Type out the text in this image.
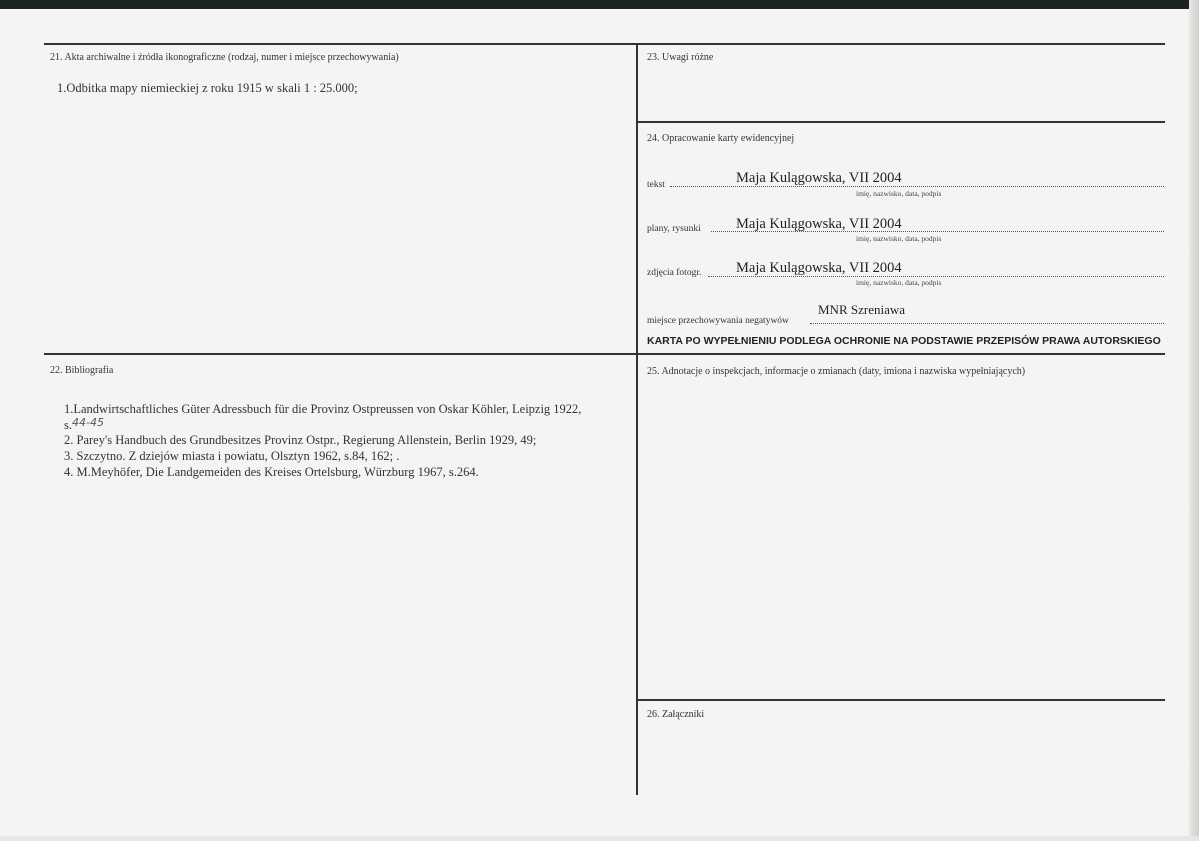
21. Akta archiwalne i źródła ikonograficzne (rodzaj, numer i miejsce przechowywania)
1.Odbitka mapy niemieckiej z roku 1915 w skali 1 : 25.000;
22. Bibliografia
1.Landwirtschaftliches Güter Adressbuch für die Provinz Ostpreussen von Oskar Köhler, Leipzig 1922,
s.44-45
2. Parey's Handbuch des Grundbesitzes Provinz Ostpr., Regierung Allenstein, Berlin 1929, 49;
3. Szczytno. Z dziejów miasta i powiatu, Olsztyn 1962, s.84, 162; .
4. M.Meyhöfer, Die Landgemeiden des Kreises Ortelsburg, Würzburg 1967, s.264.
23. Uwagi różne
24. Opracowanie karty ewidencyjnej
tekst	Maja Kulągowska, VII 2004
imię, nazwisko, data, podpis
plany, rysunki Maja Kulągowska, VII 2004
imię, nazwisko, data, podpis
zdjęcia fotogr. Maja Kulągowska, VII 2004
imię, nazwisko, data, podpis
miejsce przechowywania negatywów
MNR Szreniawa
KARTA PO WYPEŁNIENIU PODLEGA OCHRONIE NA PODSTAWIE PRZEPISÓW PRAWA AUTORSKIEGO
25. Adnotacje o inspekcjach, informacje o zmianach (daty, imiona i nazwiska wypełniających)
26. Załączniki
